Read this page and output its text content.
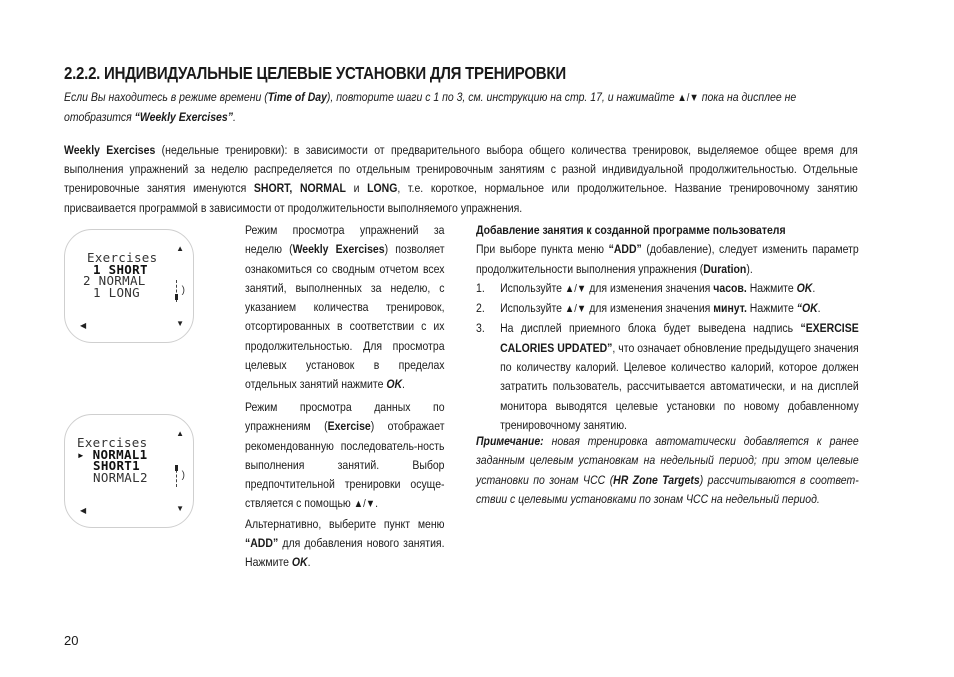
2.2.2. ИНДИВИДУАЛЬНЫЕ ЦЕЛЕВЫЕ УСТАНОВКИ ДЛЯ ТРЕНИРОВКИ
Если Вы находитесь в режиме времени (Time of Day), повторите шаги с 1 по 3, см. инструкцию на стр. 17, и нажимайте ▲/▼ пока на дисплее не отобразится “Weekly Exercises”.
Weekly Exercises (недельные тренировки): в зависимости от предварительного выбора общего количества тренировок, выделяемое общее время для выполнения упражнений за неделю распределяется по отдельным тренировочным занятиям с разной индивидуальной продолжительностью. Отдельные тренировочные занятия именуются SHORT, NORMAL и LONG, т.е. короткое, нормальное или продолжительное. Название тренировочному занятию присваивается программой в зависимости от продолжительности выполняемого упражнения.
Exercises
1 SHORT
2 NORMAL
1 LONG
▲
▼
◀
)
Exercises
▸ NORMAL1
SHORT1
NORMAL2
▲
▼
◀
)
Режим просмотра упражнений за неделю (Weekly Exercises) позволяет ознакомиться со сводным отчетом всех занятий, выполненных за неделю, с указанием количества тренировок, отсортированных в соответствии с их продолжительностью. Для просмотра целевых установок в пределах отдельных занятий нажмите OK.
Режим просмотра данных по упражнениям (Exercise) отображает рекомендованную последователь-ность выполнения занятий. Выбор предпочтительной тренировки осуще-ствляется с помощью ▲/▼.
Альтернативно, выберите пункт меню “ADD” для добавления нового занятия. Нажмите OK.
Добавление занятия к созданной программе пользователя
При выборе пункта меню “ADD” (добавление), следует изменить параметр продолжительности выполнения упражнения (Duration).
1. Используйте ▲/▼ для изменения значения часов. Нажмите OK.
2. Используйте ▲/▼ для изменения значения минут. Нажмите “OK.
3. На дисплей приемного блока будет выведена надпись “EXERCISE CALORIES UPDATED”, что означает обновление предыдущего значения по количеству калорий. Целевое количество калорий, которое должен затратить пользователь, рассчитывается автоматически, и на дисплей монитора выводятся целевые установки по новому добавленному тренировочному занятию.
Примечание: новая тренировка автоматически добавляется к ранее заданным целевым установкам на недельный период; при этом целевые установки по зонам ЧСС (HR Zone Targets) рассчитываются в соответ-ствии с целевыми установками по зонам ЧСС на недельный период.
20
